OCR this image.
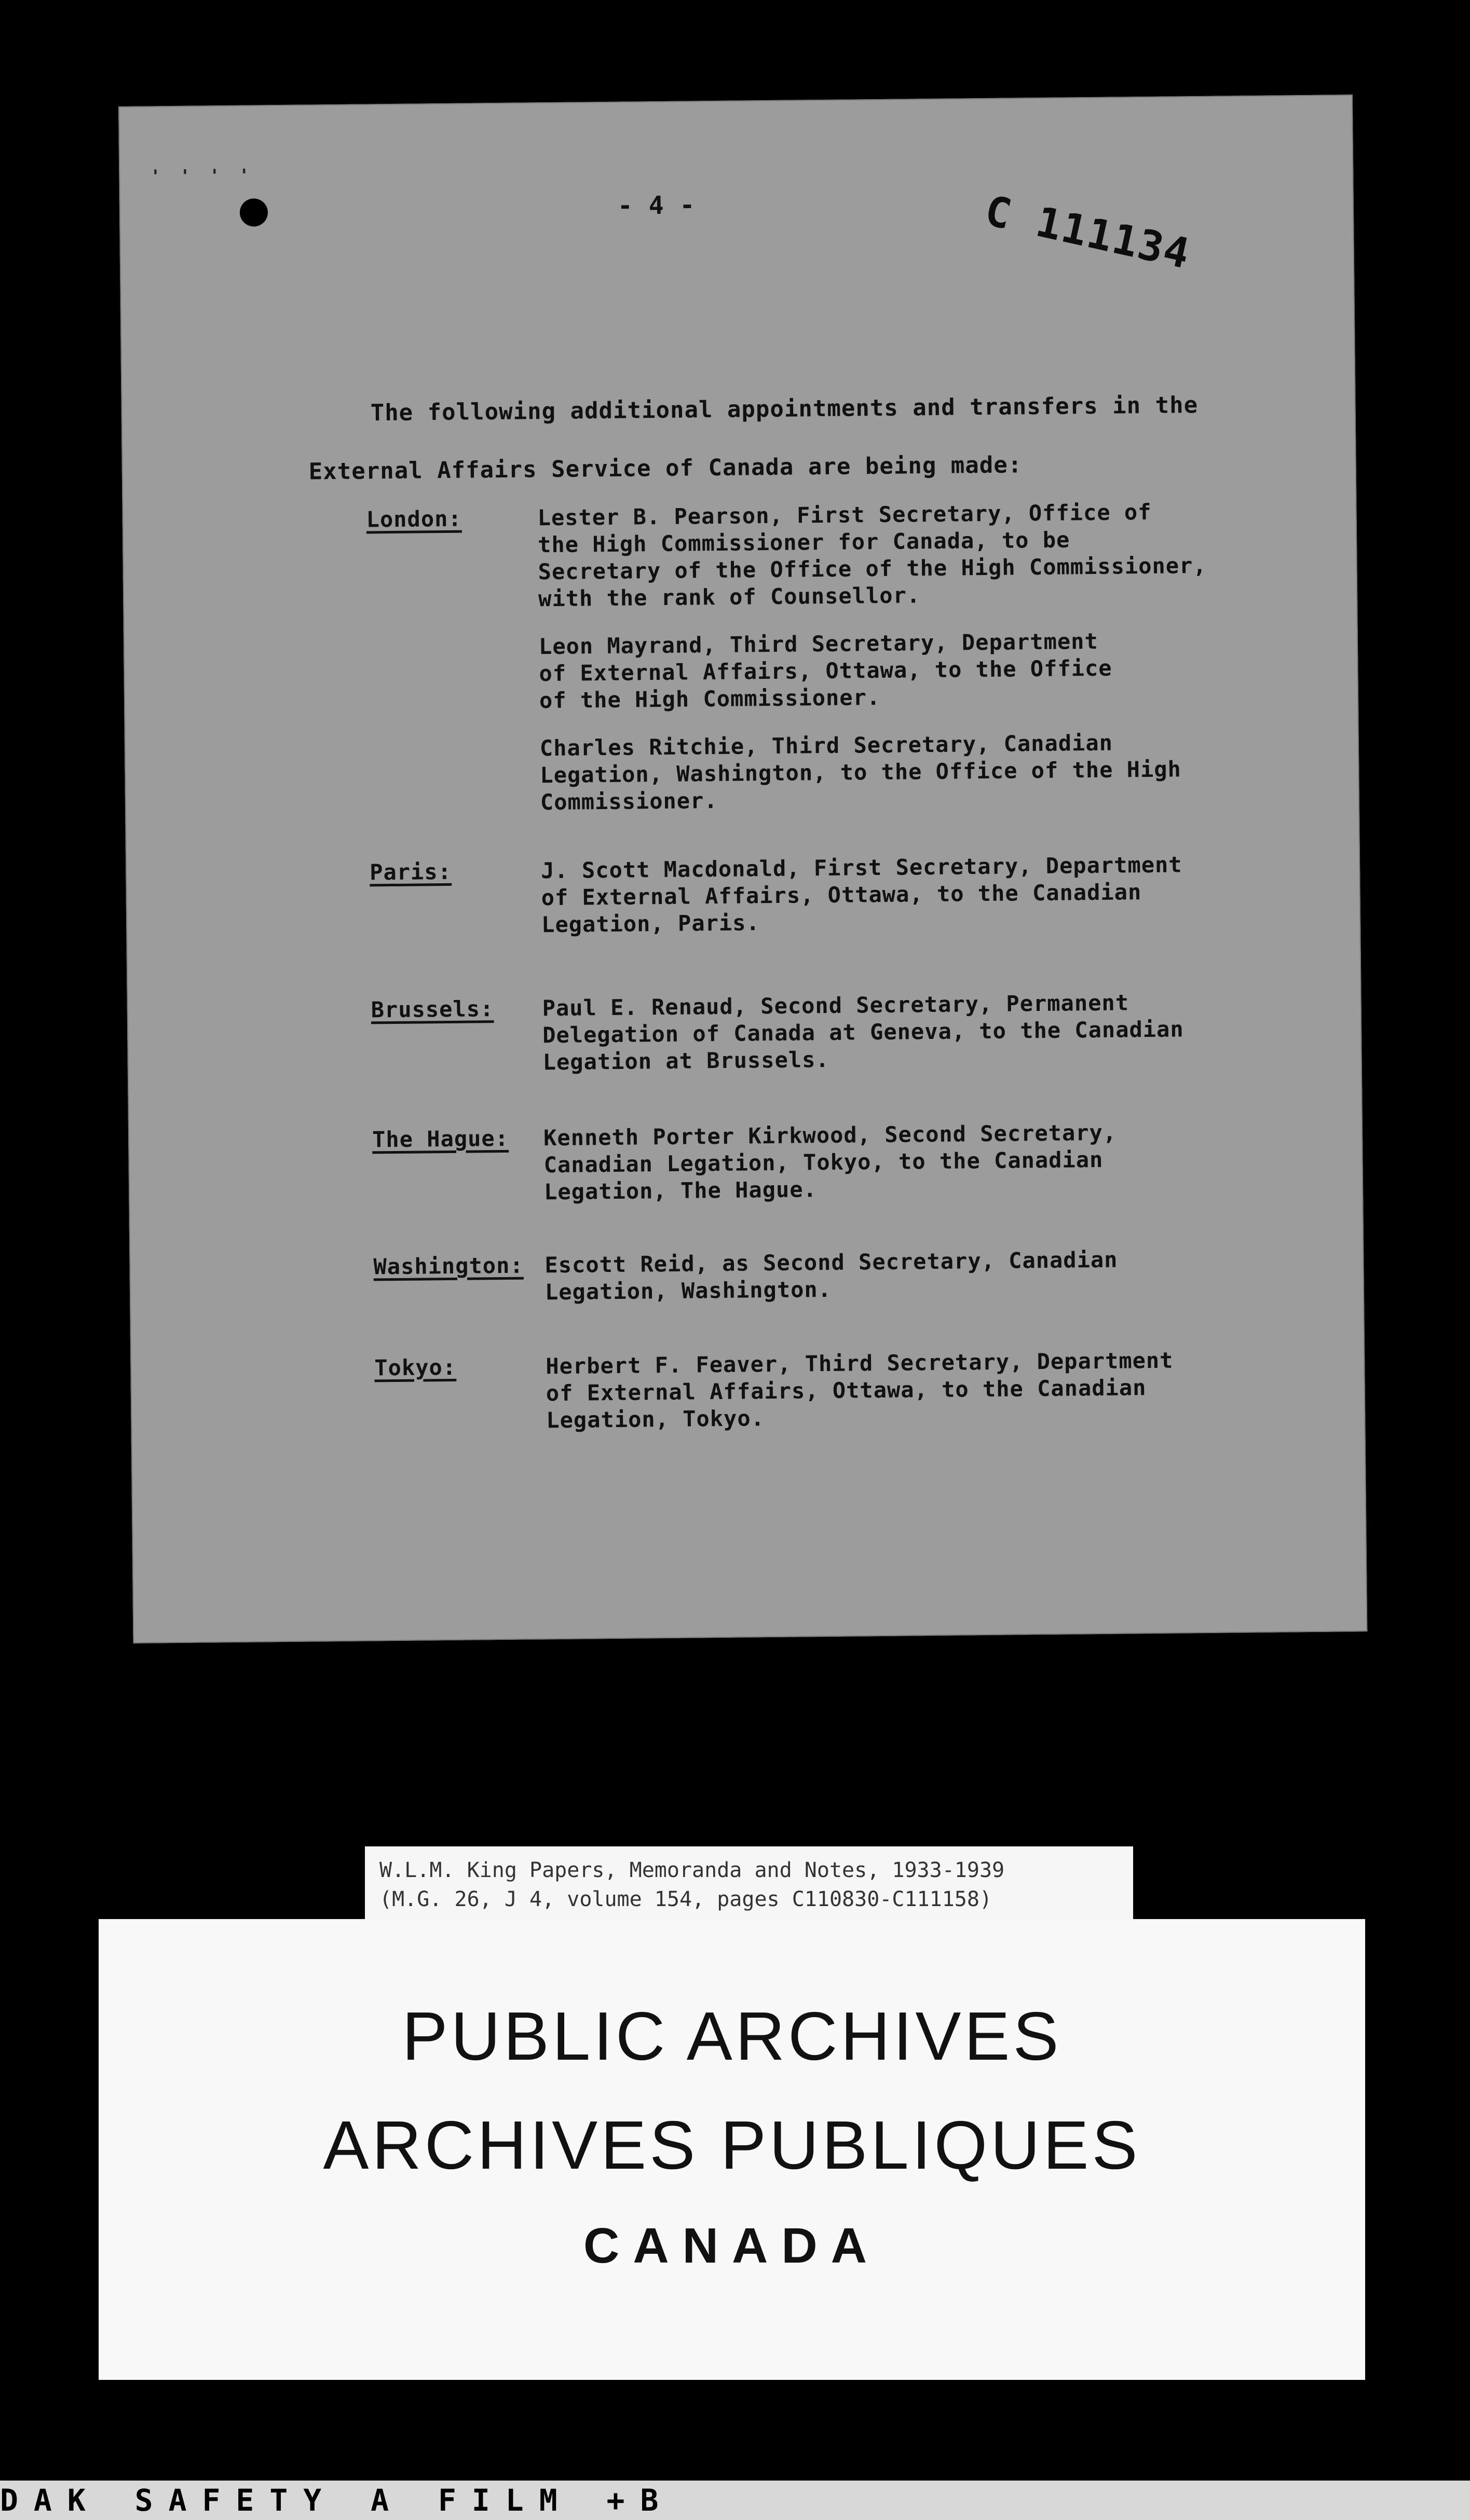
' ' ' '
- 4 -	C 111134
The following additional appointments and transfers in the External Affairs Service of Canada are being made:
London:	Lester B. Pearson, First Secretary, Office of
the High Commissioner for Canada, to be
Secretary of the Office of the High Commissioner,
with the rank of Counsellor.

Leon Mayrand, Third Secretary, Department
of External Affairs, Ottawa, to the Office
of the High Commissioner.

Charles Ritchie, Third Secretary, Canadian
Legation, Washington, to the Office of the High
Commissioner.

Paris:	J. Scott Macdonald, First Secretary, Department
of External Affairs, Ottawa, to the Canadian
Legation, Paris.

Brussels: Paul E. Renaud, Second Secretary, Permanent
Delegation of Canada at Geneva, to the Canadian
Legation at Brussels.

The Hague: Kenneth Porter Kirkwood, Second Secretary,
Canadian Legation, Tokyo, to the Canadian
Legation, The Hague.

Washington: Escott Reid, as Second Secretary, Canadian
Legation, Washington.

Tokyo:	Herbert F. Feaver, Third Secretary, Department
of External Affairs, Ottawa, to the Canadian
Legation, Tokyo.

W.L.M. King Papers, Memoranda and Notes, 1933-1939
(M.G. 26, J 4, volume 154, pages C110830-C111158)
PUBLIC ARCHIVES
ARCHIVES PUBLIQUES
CANADA
DAK SAFETY A FILM +B
